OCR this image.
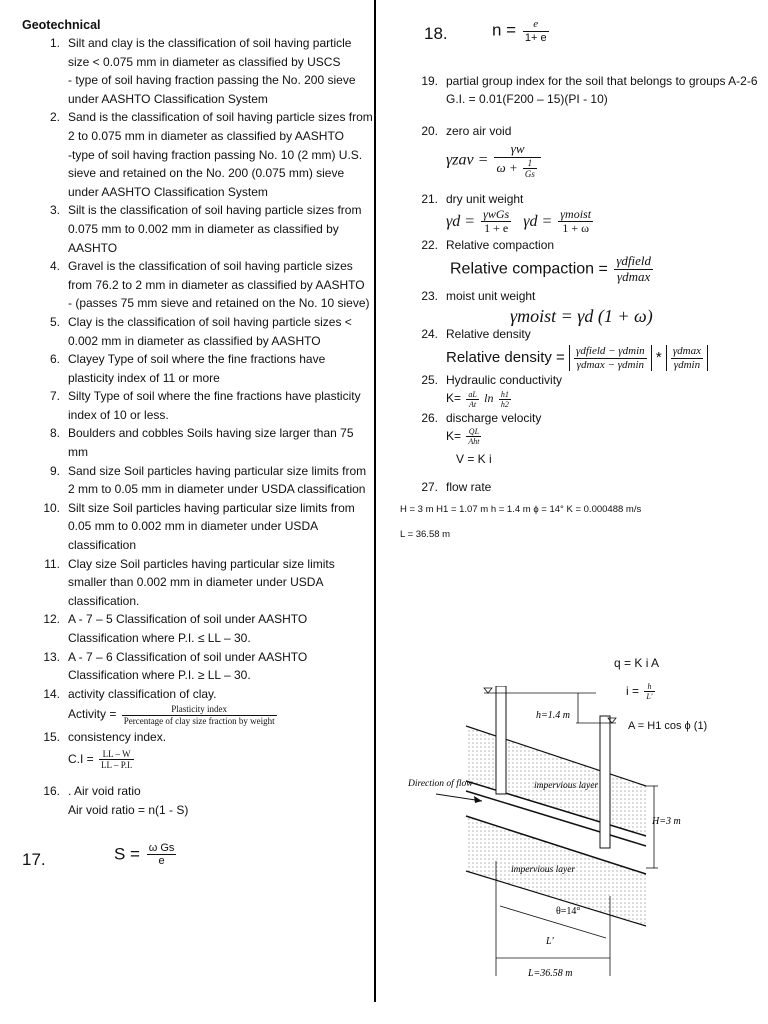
Geotechnical
1. Silt and clay is the classification of soil having particle size < 0.075 mm in diameter as classified by USCS

- type of soil having fraction passing the No. 200 sieve under AASHTO Classification System

2. Sand is the classification of soil having particle sizes from 2 to 0.075 mm in diameter as classified by AASHTO

-type of soil having fraction passing No. 10 (2 mm) U.S. sieve and retained on the No. 200 (0.075 mm) sieve under AASHTO Classification System

3. Silt is the classification of soil having particle sizes from 0.075 mm to 0.002 mm in diameter as classified by AASHTO

4. Gravel is the classification of soil having particle sizes from 76.2 to 2 mm in diameter as classified by AASHTO

- (passes 75 mm sieve and retained on the No. 10 sieve)

5. Clay is the classification of soil having particle sizes < 0.002 mm in diameter as classified by AASHTO

6. Clayey Type of soil where the fine fractions have plasticity index of 11 or more

7. Silty Type of soil where the fine fractions have plasticity index of 10 or less.

8. Boulders and cobbles Soils having size larger than 75 mm

9. Sand size Soil particles having particular size limits from 2 mm to 0.05 mm in diameter under USDA classification

10. Silt size Soil particles having particular size limits from 0.05 mm to 0.002 mm in diameter under USDA classification

11. Clay size Soil particles having particular size limits smaller than 0.002 mm in diameter under USDA classification.

12. A - 7 – 5 Classification of soil under AASHTO Classification where P.I. ≤ LL – 30.

13. A - 7 – 6 Classification of soil under AASHTO Classification where P.I. ≥ LL – 30.

14. activity classification of clay.

Activity = $\frac{\text{Plasticity index}}{\text{Percentage of clay size fraction by weight}}$
15. consistency index.

$C.I = \frac{LL - W}{LL - P.I.}$

16. . Air void ratio

Air void ratio = n(1 - S)

17.	$S = \frac{\text{ω Gs}}{e}$
18.	$n = \frac{e}{1+ e}$
19. partial group index for the soil that belongs to groups A-2-6

G.I. = 0.01(F200 – 15)(PI - 10)

20. zero air void

$\gamma zav = \frac{\gamma w}{\omega + \frac{1}{Gs}}$
21. dry unit weight

$\gamma d = \frac{\text{γwGs}}{1 + e}$ $\gamma d = \frac{\text{γmoist}}{1 + \omega}$
22. Relative compaction

Relative compaction = $\frac{\text{γdfield}}{\gamma dmax}$
23. moist unit weight

γmoist = γd (1 + ω)
24. Relative density

Relative density = $\frac{\text{γdfield − γdmin}}{\gamma dmax - \gamma dmin} * \frac{\gamma dmax}{\gamma dmin}$
25. Hydraulic conductivity

$K= \frac{aL}{At}$ $\ln \frac{h1}{h2}$
26. discharge velocity

$K= \frac{QL}{\text{Aht}}$
V = K i
27. flow rate

H = 3 m H1 = 1.07 m h = 1.4 m ϕ = 14° K = 0.000488 m/s
L = 36.58 m
q = K i A
$i = \frac{h}{L'}$
h=1.4 m
Direction of flow	impervious layer
impervious layer
H=3 m
θ=14°
L'
L=36.58 m
A = H1 cos ϕ (1)
